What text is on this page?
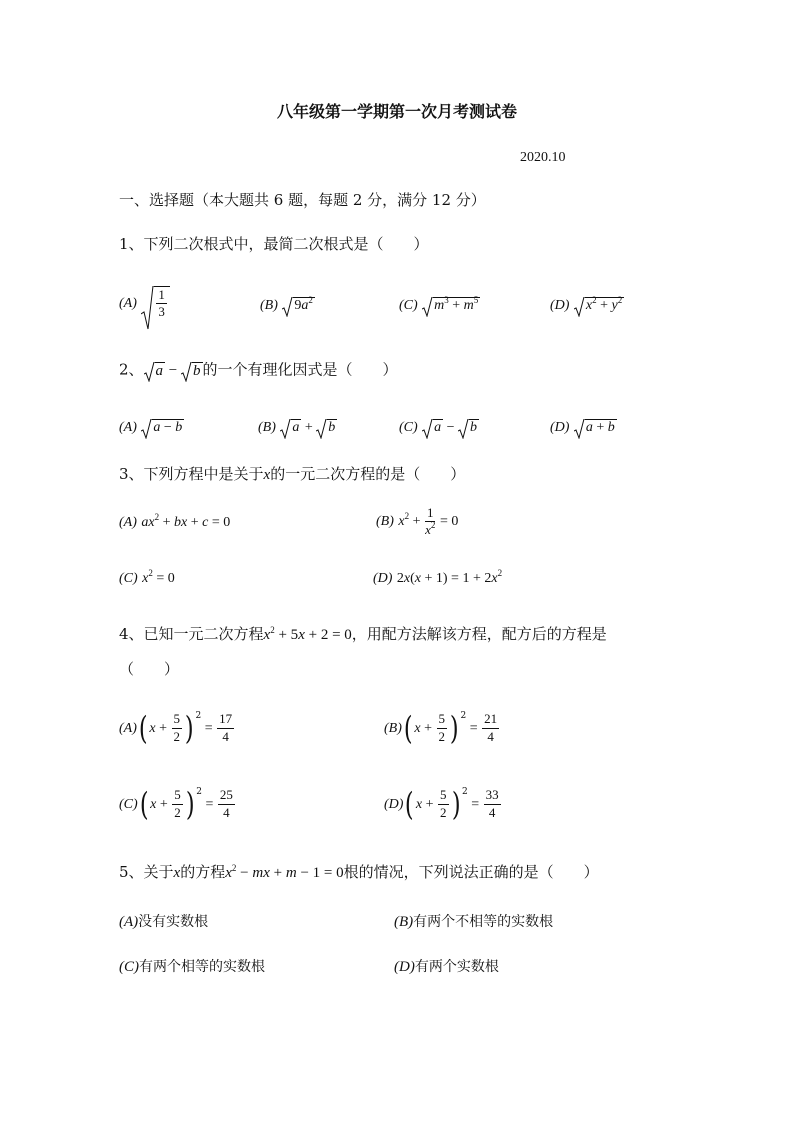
八年级第一学期第一次月考测试卷
2020.10
一、选择题（本大题共 6 题，每题 2 分，满分 12 分）
1、下列二次根式中，最简二次根式是（　　）
$(A) \frac{1}{3}$	(B) $9a^2$	(C) $m^3 + m^5$	(D) $x^2 + y^2$
2、 a −
b 的一个有理化因式是（　　）
(A) a − b	(B) a +
b	(C) a −
b	(D) a + b
3、下列方程中是关于x的一元二次方程的是（　　）
(A) $ax^2$ + bx + c = 0	(B) $x^2 + \frac{1}{x^2} = 0$
(C) $x^2 = 0$	(D) $2x(x + 1) = 1 + 2x^2$
4、已知一元二次方程$x^2 + 5x + 2 = 0$，用配方法解该方程，配方后的方程是
（　　）
(A)( $x + \frac{5}{2}$ ) $^2 = \frac{17}{4}$	(B)( $x + \frac{5}{2}$ ) $^2 = \frac{21}{4}$
(C)( $x + \frac{5}{2}$ ) $^2 = \frac{25}{4}$	(D)( $x + \frac{5}{2}$ ) $^2 = \frac{33}{4}$
5、关于x的方程$x^2$ − mx + m − 1 = 0根的情况，下列说法正确的是（　　）
(A)没有实数根	(B)有两个不相等的实数根
(C)有两个相等的实数根	(D)有两个实数根
